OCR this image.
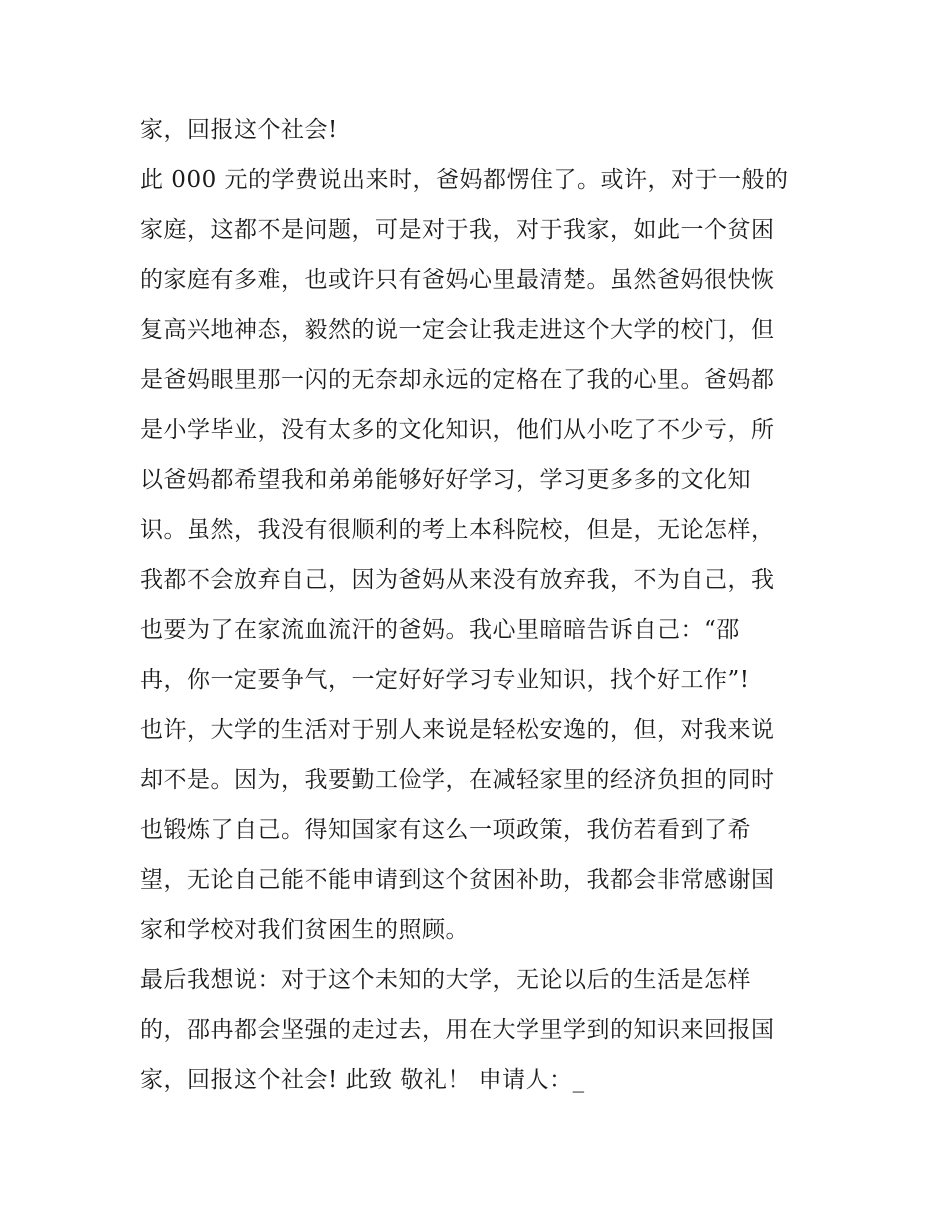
家，回报这个社会!
此 000 元的学费说出来时，爸妈都愣住了。或许，对于一般的
家庭，这都不是问题，可是对于我，对于我家，如此一个贫困
的家庭有多难，也或许只有爸妈心里最清楚。虽然爸妈很快恢
复高兴地神态，毅然的说一定会让我走进这个大学的校门，但
是爸妈眼里那一闪的无奈却永远的定格在了我的心里。爸妈都
是小学毕业，没有太多的文化知识，他们从小吃了不少亏，所
以爸妈都希望我和弟弟能够好好学习，学习更多多的文化知
识。虽然，我没有很顺利的考上本科院校，但是，无论怎样，
我都不会放弃自己，因为爸妈从来没有放弃我，不为自己，我
也要为了在家流血流汗的爸妈。我心里暗暗告诉自己：“邵
冉，你一定要争气，一定好好学习专业知识，找个好工作”!
也许，大学的生活对于别人来说是轻松安逸的，但，对我来说
却不是。因为，我要勤工俭学，在减轻家里的经济负担的同时
也锻炼了自己。得知国家有这么一项政策，我仿若看到了希
望，无论自己能不能申请到这个贫困补助，我都会非常感谢国
家和学校对我们贫困生的照顾。
最后我想说：对于这个未知的大学，无论以后的生活是怎样
的，邵冉都会坚强的走过去，用在大学里学到的知识来回报国
家，回报这个社会! 此致 敬礼！ 申请人：_
